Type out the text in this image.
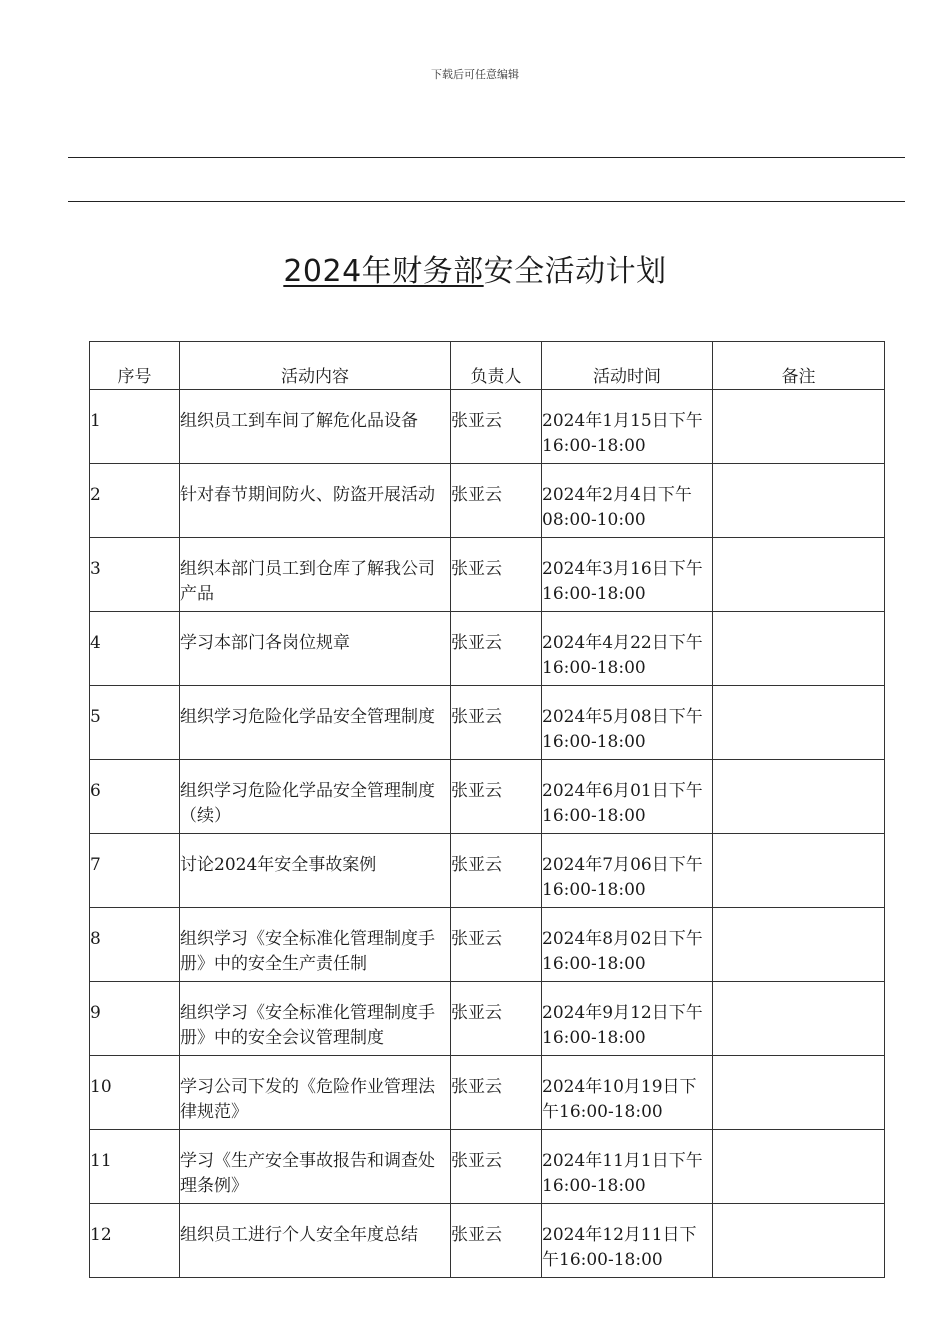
下载后可任意编辑
2024年财务部安全活动计划
序号	活动内容	负责人	活动时间	备注

1	组织员工到车间了解危化品设备	张亚云	2024年1月15日下午16:00-18:00	

2	针对春节期间防火、防盗开展活动	张亚云	2024年2月4日下午08:00-10:00	

3	组织本部门员工到仓库了解我公司产品	张亚云	2024年3月16日下午16:00-18:00	

4	学习本部门各岗位规章	张亚云	2024年4月22日下午16:00-18:00	

5	组织学习危险化学品安全管理制度	张亚云	2024年5月08日下午16:00-18:00	

6	组织学习危险化学品安全管理制度（续）	张亚云	2024年6月01日下午16:00-18:00	

7	讨论2024年安全事故案例	张亚云	2024年7月06日下午16:00-18:00	

8	组织学习《安全标准化管理制度手册》中的安全生产责任制	张亚云	2024年8月02日下午16:00-18:00	

9	组织学习《安全标准化管理制度手册》中的安全会议管理制度	张亚云	2024年9月12日下午16:00-18:00	

10	学习公司下发的《危险作业管理法律规范》	张亚云	2024年10月19日下午16:00-18:00	

11	学习《生产安全事故报告和调查处理条例》	张亚云	2024年11月1日下午16:00-18:00	

12	组织员工进行个人安全年度总结	张亚云	2024年12月11日下午16:00-18:00	
